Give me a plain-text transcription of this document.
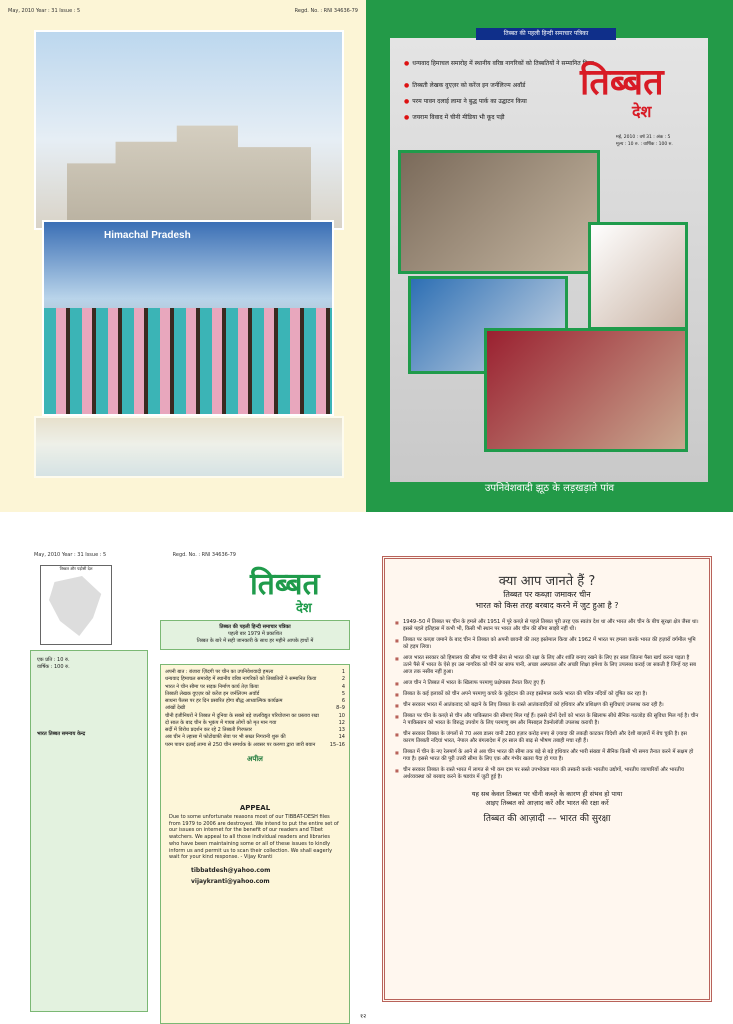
May, 2010 Year : 31 Issue : 5	Regd. No. : RNI 34636-79
Himachal Pradesh
तिब्बत की पहली हिन्दी समाचार पत्रिका
● धन्यवाद हिमाचल समारोह में स्थानीय वरिष्ठ नागरिकों को तिब्बतियों ने सम्मानित किया
● तिब्बती लेखक वुएज़र को करेंज इन जर्नलिज्म अवॉर्ड
● परम पावन दलाई लामा ने बुद्ध पार्क का उद्घाटन किया
● जयराम विवाद में चीनी मीडिया भी कूद पड़ी
तिब्बत
देश
मई, 2010 : वर्ष 31 : अंक : 5
मूल्य : 10 रु. : वार्षिक : 100 रु.
उपनिवेशवादी झूठ के लड़खड़ाते पांव
May, 2010 Year : 31 Issue : 5	Regd. No. : RNI 34636-79
तिब्बत और पड़ोसी देश	तिब्बत
देश
एक प्रति : 10 रु.
वार्षिक : 100 रु.
भारत तिब्बत समन्वय केन्द्र
तिब्बत की पहली हिन्दी समाचार पत्रिका
पहली बार 1979 में प्रकाशित
तिब्बत के बारे में सही जानकारी के साथ हर महीने आपके हाथों में
अपनी बात : बंजारा ज़िंदगी पर चीन का उपनिवेशवादी हमला	1
धन्यवाद हिमाचल समारोह में स्थानीय वरिष्ठ नागरिकों को तिब्बतियों ने सम्मानित किया	2
भारत ने चीन सीमा पर सड़क निर्माण कार्य तेज़ किया	4
तिब्बती लेखक वुएज़र को करेंज इन जर्नलिज्म अवॉर्ड	5
साधना पैलस पर हर दिन प्रसारित होगा बौद्ध आध्यात्मिक कार्यक्रम	6
आंखों देखी	8–9
चीनी इंजीनियरों ने तिब्बत में दुनिया के सबसे बड़े जलविद्युत परियोजना का प्रस्ताव रखा	10
दो साल के बाद चीन के भूकंप में गायब लोगों को मृत मान गया	12
सर्दी में विरोध प्रदर्शन कर रहे 2 तिब्बती गिरफ्तार	13
अब चीन ने ल्हासा में फोटोग्राफी सेवा पर भी सख्त निगरानी शुरू की	14
परम पावन दलाई लामा से 250 चीन समर्थक के अवसर पर करुणा द्वारा जारी बयान	15–16
अपील
APPEAL
Due to some unfortunate reasons most of our TIBBAT-DESH files from 1979 to 2006 are destroyed. We intend to put the entire set of our issues on internet for the benefit of our readers and Tibet watchers. We appeal to all those individual readers and libraries who have been maintaining some or all of these issues to kindly inform us and permit us to scan their collection. We shall eagerly wait for your kind response. - Vijay Kranti
tibbatdesh@yahoo.com
vijaykranti@yahoo.com
१२
क्या आप जानते हैं ?
तिब्बत पर कब्ज़ा जमाकर चीन
भारत को किस तरह बरबाद करने में जुट हुआ है ?
■ 1949–50 में तिब्बत पर चीन के हमले और 1951 में पूरे कब्ज़े से पहले तिब्बत पूरी तरह एक स्वतंत्र देश था और भारत और चीन के बीच सुरक्षा क्षेत्र जैसा था। इससे पहले इतिहास में कभी भी, किसी भी स्थान पर भारत और चीन की सीमा साझी नहीं थी।
■ तिब्बत पर कब्ज़ा जमाने के बाद चीन ने तिब्बत को अपनी छावनी की तरह इस्तेमाल किया और 1962 में भारत पर हमला करके भारत की हज़ारों वर्गमील भूमि को हड़प लिया।
■ आज भारत सरकार को हिमालय की सीमा पर चीनी सेना से भारत की रक्षा के लिए और शांति बनाए रखने के लिए हर साल जितना पैसा खर्च करना पड़ता है उतने पैसे में भारत के ऐसे हर उस नागरिक को पीने का साफ पानी, अच्छा अस्पताल और अच्छी शिक्षा हमेशा के लिए उपलब्ध कराई जा सकती है जिन्हें यह सब आज तक नसीब नहीं हुआ।
■ आज चीन ने तिब्बत में भारत के खिलाफ परमाणु प्रक्षेपास्त्र तैनात किए हुए हैं।
■ तिब्बत के कई इलाकों को चीन अपने परमाणु कचरे के कूड़ेदान की तरह इस्तेमाल करके भारत की पवित्र नदियों को दूषित कर रहा है।
■ चीन सरकार भारत में आतंकवाद को बढ़ाने के लिए तिब्बत के रास्ते आतंकवादियों को हथियार और प्रशिक्षण की सुविधाएं उपलब्ध करा रही है।
■ तिब्बत पर चीन के कब्ज़े से चीन और पाकिस्तान की सीमाएं मिल गई हैं। इससे दोनों देशों को भारत के खिलाफ सीधे सैनिक गठजोड़ की सुविधा मिल गई है। चीन ने पाकिस्तान को भारत के विरुद्ध उपयोग के लिए परमाणु बम और मिसाइल टैक्नोलॉजी उपलब्ध करायी है।
■ चीन सरकार तिब्बत के जंगलों से 70 अरब डालर यानी 280 हज़ार करोड़ रुपए से ज़्यादा की लकड़ी काटकर विदेशी और देशी बाज़ारों में बेच चुकी है। इस कारण तिब्बती नदियां भारत, नेपाल और बंगलादेश में हर साल की बाढ़ से भीषण तबाही मचा रही हैं।
■ तिब्बत में चीन के नए रेलमार्ग के आने से अब चीन भारत की सीमा तक बड़े से बड़े हथियार और भारी संख्या में सैनिक किसी भी समय तैनात करने में सक्षम हो गया है। इससे भारत की पूरी उत्तरी सीमा के लिए एक और गंभीर खतरा पैदा हो गया है।
■ चीन सरकार तिब्बत के रास्ते भारत में लागत से भी कम दाम पर सस्ते उपभोक्ता माल की तस्करी करके भारतीय उद्योगों, भारतीय व्यापारियों और भारतीय अर्थव्यवस्था को बरबाद करने के षडयंत्र में जुटी हुई है।
यह सब केवल तिब्बत पर चीनी कब्ज़े के कारण ही संभव हो पाया
आइए तिब्बत को आज़ाद करें और भारत की रक्षा करें
तिब्बत की आज़ादी –– भारत की सुरक्षा
